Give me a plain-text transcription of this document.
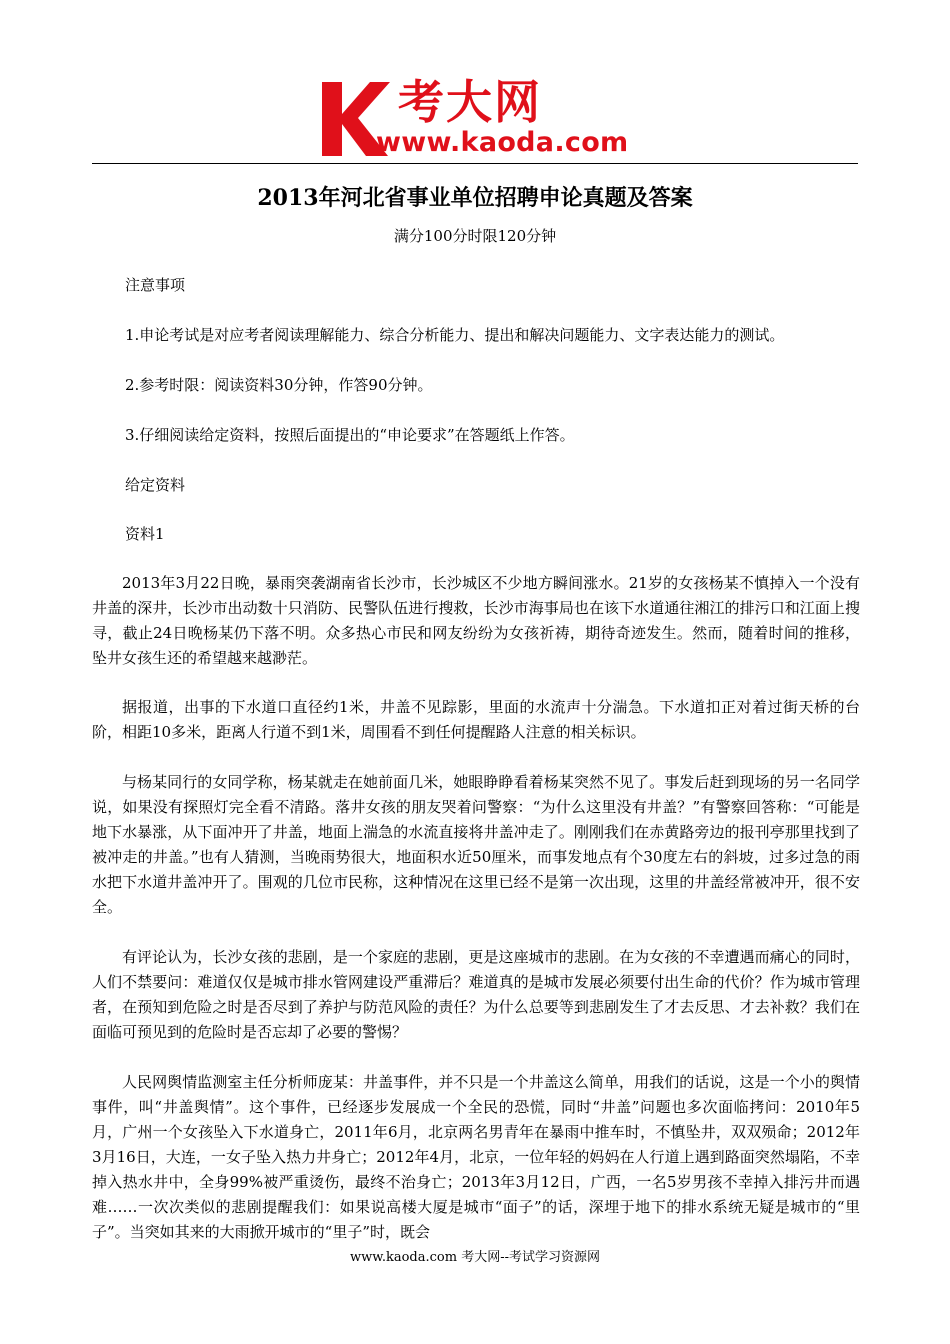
考大网
www.kaoda.com
2013年河北省事业单位招聘申论真题及答案
满分100分时限120分钟
注意事项
1.申论考试是对应考者阅读理解能力、综合分析能力、提出和解决问题能力、文字表达能力的测试。
2.参考时限：阅读资料30分钟，作答90分钟。
3.仔细阅读给定资料，按照后面提出的“申论要求”在答题纸上作答。
给定资料
资料1

2013年3月22日晚，暴雨突袭湖南省长沙市，长沙城区不少地方瞬间涨水。21岁的女孩杨某不慎掉入一个没有井盖的深井，长沙市出动数十只消防、民警队伍进行搜救，长沙市海事局也在该下水道通往湘江的排污口和江面上搜寻，截止24日晚杨某仍下落不明。众多热心市民和网友纷纷为女孩祈祷，期待奇迹发生。然而，随着时间的推移，坠井女孩生还的希望越来越渺茫。

据报道，出事的下水道口直径约1米，井盖不见踪影，里面的水流声十分湍急。下水道扣正对着过街天桥的台阶，相距10多米，距离人行道不到1米，周围看不到任何提醒路人注意的相关标识。

与杨某同行的女同学称，杨某就走在她前面几米，她眼睁睁看着杨某突然不见了。事发后赶到现场的另一名同学说，如果没有探照灯完全看不清路。落井女孩的朋友哭着问警察：“为什么这里没有井盖？”有警察回答称：“可能是地下水暴涨，从下面冲开了井盖，地面上湍急的水流直接将井盖冲走了。刚刚我们在赤黄路旁边的报刊亭那里找到了被冲走的井盖。”也有人猜测，当晚雨势很大，地面积水近50厘米，而事发地点有个30度左右的斜坡，过多过急的雨水把下水道井盖冲开了。围观的几位市民称，这种情况在这里已经不是第一次出现，这里的井盖经常被冲开，很不安全。

有评论认为，长沙女孩的悲剧，是一个家庭的悲剧，更是这座城市的悲剧。在为女孩的不幸遭遇而痛心的同时，人们不禁要问：难道仅仅是城市排水管网建设严重滞后？难道真的是城市发展必须要付出生命的代价？作为城市管理者，在预知到危险之时是否尽到了养护与防范风险的责任？为什么总要等到悲剧发生了才去反思、才去补救？我们在面临可预见到的危险时是否忘却了必要的警惕？

人民网舆情监测室主任分析师庞某：井盖事件，并不只是一个井盖这么简单，用我们的话说，这是一个小的舆情事件，叫“井盖舆情”。这个事件，已经逐步发展成一个全民的恐慌，同时“井盖”问题也多次面临拷问：2010年5月，广州一个女孩坠入下水道身亡，2011年6月，北京两名男青年在暴雨中推车时，不慎坠井，双双殒命；2012年3月16日，大连，一女子坠入热力井身亡；2012年4月，北京，一位年轻的妈妈在人行道上遇到路面突然塌陷，不幸掉入热水井中，全身99%被严重烫伤，最终不治身亡；2013年3月12日，广西，一名5岁男孩不幸掉入排污井而遇难……一次次类似的悲剧提醒我们：如果说高楼大厦是城市“面子”的话，深埋于地下的排水系统无疑是城市的“里子”。当突如其来的大雨掀开城市的“里子”时，既会

www.kaoda.com 考大网--考试学习资源网
